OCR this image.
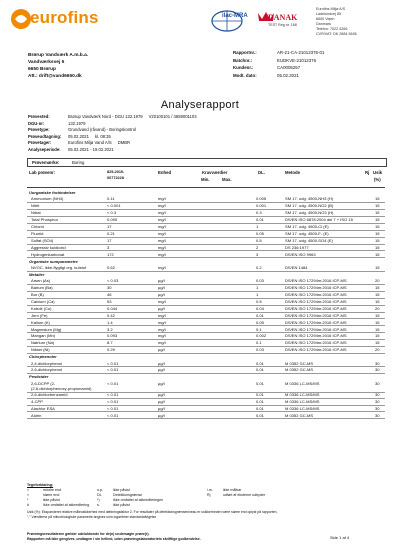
eurofins	ilac-MRA	DANAK
TEST Reg.nr. 168
Eurofins Miljø A/S
Ladelundvej 85
6600 Vejen
Danmark
Telefon: 7022 4266
CVR/VAT: DK 2884 8186
Brørup Vandværk A.m.b.a.
Vandværksvej 5
6650 Brørup
Att.: drift@vand6650.dk
Rapportnr.:	AR-21-CA-21012376-01
Batchnr.:	EUDKVE-21012376
Kundenr.:	CA0005257
Modt. dato:	05.02.2021
Analyserapport
Prøvested:	Brørup Vandværk Nord - DGU 132.1979 V20100101 / 4559001103
DGU-nr:	132.1979
Prøvetype:	Grundvand (råvand) - Boringskontrol
Prøveudtagning:	05.02.2021 kl. 08:35
Prøvetager:	Eurofins Miljø Vand A/S DMBR
Analyseperiode:	05.02.2021 - 19.02.2021
Prøvemærke:	Boring
Lab prøvenr:	825-2019-
00772228
Enhed	Kravværdier
Min.	Max.
DL.	Metode	Rj Usik
(%)
Uorganiske forbindelser
Ammonium (NH4)	0.11	mg/l	0.005	SM 17. udg. 4500-NH3 (H)	15
Nitrit	< 0.001	mg/l	0.001	SM 17. udg. 4500-NO2 (B)	15
Nitrat	< 0.3	mg/l	0.3	SM 17. udg. 4500-NO3 (H)	15
Total Phosphor	0.090	mg/l	0.01	DS/EN ISO 6878:2004 del 7 + ISO 15	15
Chlorid	17	mg/l	1	SM 17. udg. 4500-Cl (E)	15
Fluorid	0.21	mg/l	0.05	SM 17. udg. 4500-F- (E)	15
Sulfat (SO4)	17	mg/l	0.5	SM 17. udg. 4500-SO4 (E)	15
Aggressiv kuldioxid	3	mg/l	2	DS 236:1977	15
Hydrogenkarbonat	172	mg/l	3	DS/EN ISO 9963	15
Organiske sumparametre
NVOC, ikke-flygtigt org. kulstof	0.62	mg/l	0.2	DS/EN 1484	15
Metaller
Arsen (As)	< 0.03	µg/l	0.03	DS/EN ISO 17294m:2016 ICP-MS	20
Barium (Ba)	30	µg/l	1	DS/EN ISO 17294m:2016 ICP-MS	15
Bor (B)	46	µg/l	1	DS/EN ISO 17294m:2016 ICP-MS	15
Calcium (Ca)	53	mg/l	0.5	DS/EN ISO 17294m:2016 ICP-MS	15
Kobolt (Co)	0.044	µg/l	0.04	DS/EN ISO 17294m:2016 ICP-MS	20
Jern (Fe)	0.42	mg/l	0.01	DS/EN ISO 17294m:2016 ICP-MS	15
Kalium (K)	1.4	mg/l	0.05	DS/EN ISO 17294m:2016 ICP-MS	15
Magnesium (Mg)	3.2	mg/l	0.1	DS/EN ISO 17294m:2016 ICP-MS	15
Mangan (Mn)	0.093	mg/l	0.002	DS/EN ISO 17294m:2016 ICP-MS	15
Natrium (Na)	8.7	mg/l	0.1	DS/EN ISO 17294m:2016 ICP-MS	15
Nikkel (Ni)	0.29	µg/l	0.03	DS/EN ISO 17294m:2016 ICP-MS	20
Chlorphenoler
2,4-dichlorphenol	< 0.01	µg/l	0.01	M 0352 GC-MS	30
2,6-dichlorphenol	< 0.01	µg/l	0.01	M 0352 GC-MS	30
Pesticider
2,6-DCPP (2-	< 0.01	µg/l	0.01	M 0336 LC-MS/MS	30
(2,6-dichlorphenoxy-propionamid)
2,6-dichlorbenzamid	< 0.01	µg/l	0.01	M 0336 LC-MS/MS	30
4-CPP	< 0.01	µg/l	0.01	M 0336 LC-MS/MS	30
Alachlor ESA	< 0.01	µg/l	0.01	M 0336 LC-MS/MS	30
Aldrin	< 0.01	µg/l	0.01	M 0352 GC-MS	30
Tegnforklaring:
<	mindre end
>	større end
*	ikke påvist
#	Ikke omfattet af akkreditering
u.p.	ikke påvist
DL	Detektionsgrænse
*)	Ikke omfattet af akkrediteringen
s.	ikke påvist
i.m.	ikke målbar
Rj	udført af eksterne udbyder
Usik (%): Ekspanderet relative måleusikkerhed med dækningsfaktor 2. For resultater på detektionsgrænseniveau er usikkerheden være større end oplyst på rapporten.
"-" Værdierne på mikrobiologiske parametre angives som logaritmer standardafvigelse
Prøvningsresultaterne gælder udelukkende for de(n) undersøgte prøve(r).
Rapporten må ikke gengives, undtagen i sin helhed, uden prøvningslaboratoriets skriftlige godkendelse.	Side 1 af 4
